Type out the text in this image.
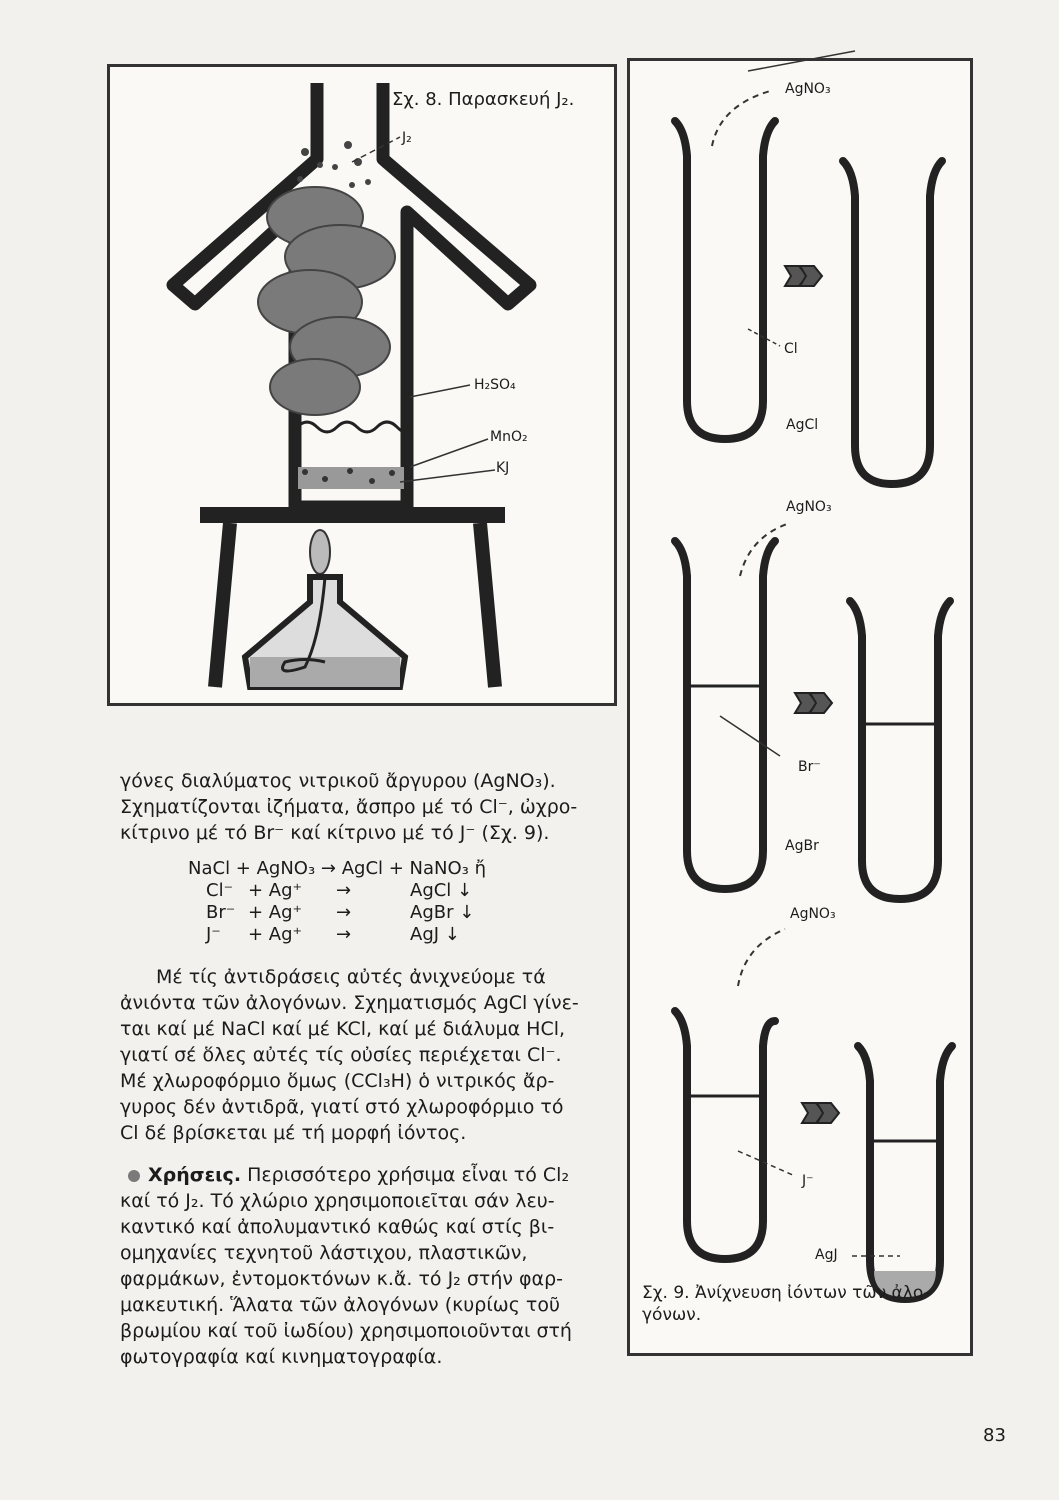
Σχ. 8. Παρασκευή J₂.
J₂
H₂SO₄
MnO₂
KJ
AgNO₃
Cl
AgCl
AgNO₃
Br⁻
AgBr
AgNO₃
J⁻
AgJ
Σχ. 9. Ἀνίχνευση ἰόντων τῶν ἀλο-
γόνων.

γόνες διαλύματος νιτρικοῦ ἄργυρου (AgNO₃).

Σχηματίζονται ἰζήματα, ἄσπρο μέ τό Cl⁻, ὠχρο-

κίτρινο μέ τό Br⁻ καί κίτρινο μέ τό J⁻ (Σχ. 9).

NaCl + AgNO₃ → AgCl + NaNO₃ ἤ
Cl⁻ + Ag⁺ →	AgCl ↓
Br⁻ + Ag⁺ →	AgBr ↓
J⁻ + Ag⁺ →	AgJ ↓

Μέ τίς ἀντιδράσεις αὐτές ἀνιχνεύομε τά

ἀνιόντα τῶν ἀλογόνων. Σχηματισμός AgCl γίνε-

ται καί μέ NaCl καί μέ KCl, καί μέ διάλυμα HCl,

γιατί σέ ὅλες αὐτές τίς οὐσίες περιέχεται Cl⁻.

Μέ χλωροφόρμιο ὅμως (CCl₃H) ὁ νιτρικός ἄρ-

γυρος δέν ἀντιδρᾶ, γιατί στό χλωροφόρμιο τό

Cl δέ βρίσκεται μέ τή μορφή ἰόντος.

Χρήσεις. Περισσότερο χρήσιμα εἶναι τό Cl₂

καί τό J₂. Τό χλώριο χρησιμοποιεῖται σάν λευ-

καντικό καί ἀπολυμαντικό καθώς καί στίς βι-

ομηχανίες τεχνητοῦ λάστιχου, πλαστικῶν,

φαρμάκων, ἐντομοκτόνων κ.ἄ. τό J₂ στήν φαρ-

μακευτική. Ἅλατα τῶν ἀλογόνων (κυρίως τοῦ

βρωμίου καί τοῦ ἰωδίου) χρησιμοποιοῦνται στή

φωτογραφία καί κινηματογραφία.

83
